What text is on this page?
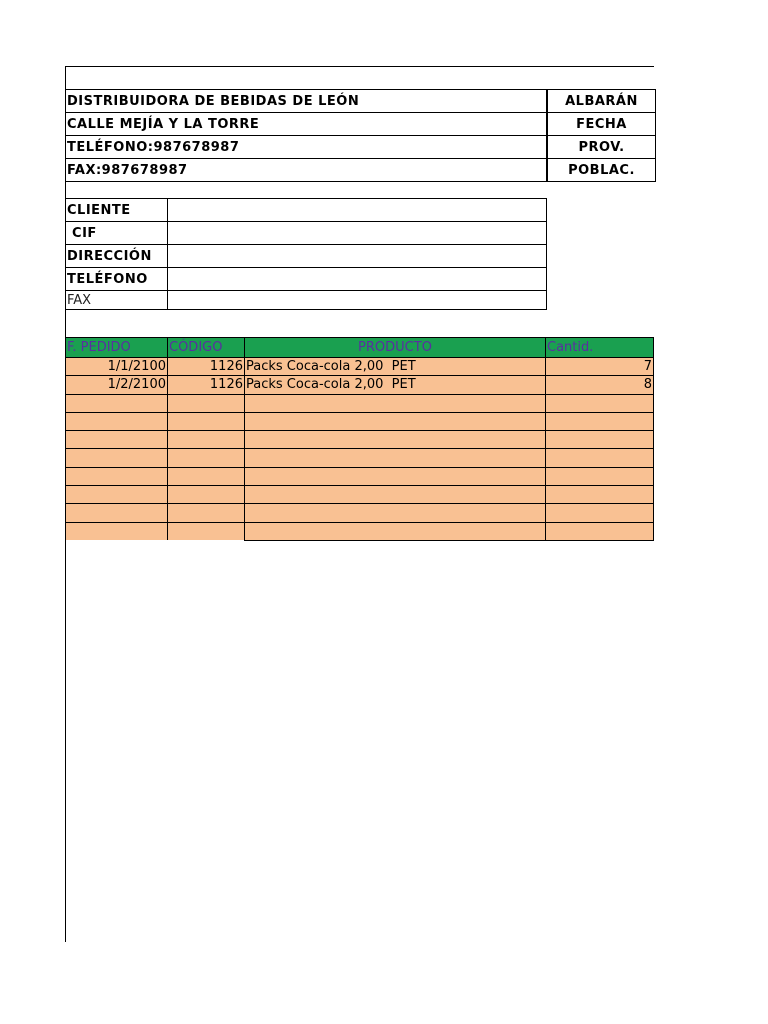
DISTRIBUIDORA DE BEBIDAS DE LEÓN		ALBARÁN
CALLE MEJÍA Y LA TORRE		FECHA
TELÉFONO:987678987		PROV.
FAX:987678987		POBLAC.
CLIENTE	
CIF	
DIRECCIÓN	
TELÉFONO	
FAX	
F. PEDIDO	CÓDIGO	PRODUCTO	Cantid.
1/1/2100	1126	Packs Coca-cola 2,00  PET	7
1/2/2100	1126	Packs Coca-cola 2,00  PET	8
